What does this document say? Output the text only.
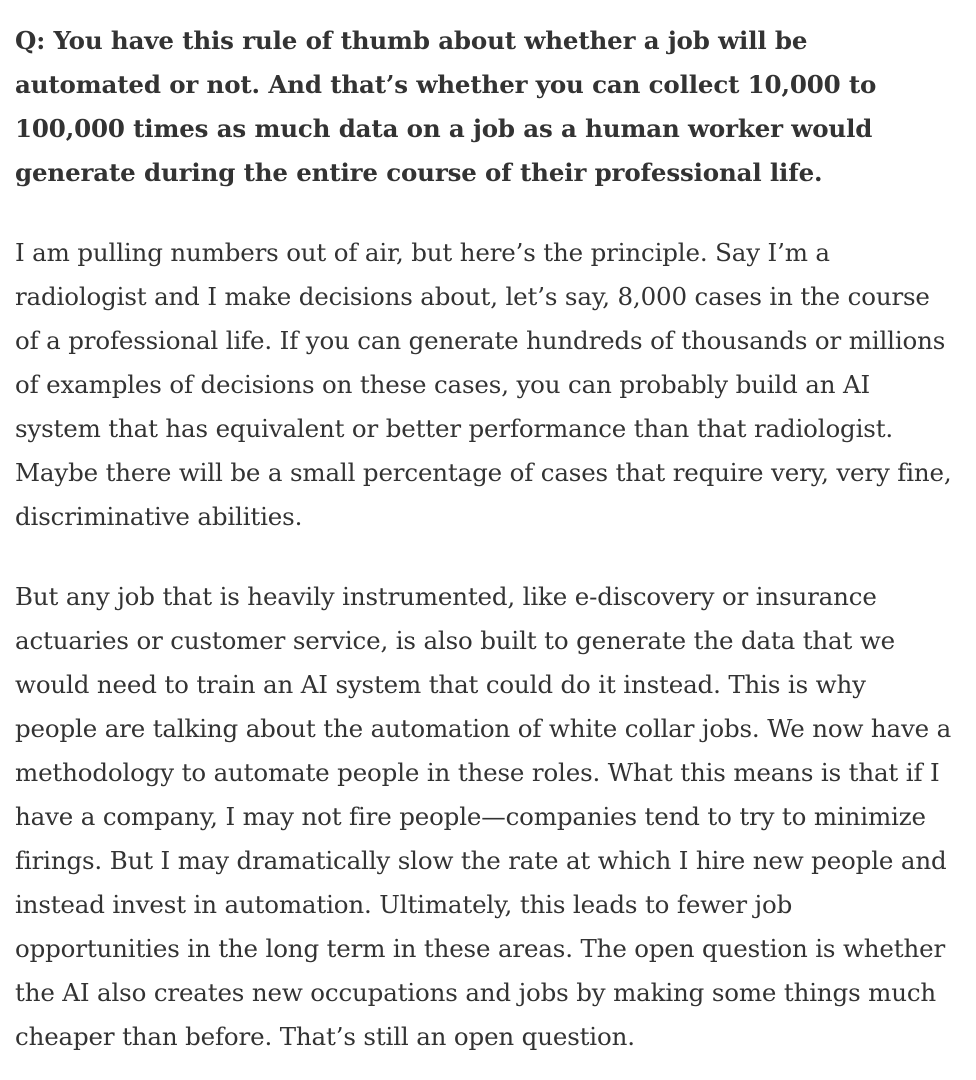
Q: You have this rule of thumb about whether a job will be automated or not. And that’s whether you can collect 10,000 to 100,000 times as much data on a job as a human worker would generate during the entire course of their professional life.

I am pulling numbers out of air, but here’s the principle. Say I’m a radiologist and I make decisions about, let’s say, 8,000 cases in the course of a professional life. If you can generate hundreds of thousands or millions of examples of decisions on these cases, you can probably build an AI system that has equivalent or better performance than that radiologist. Maybe there will be a small percentage of cases that require very, very fine, discriminative abilities.

But any job that is heavily instrumented, like e-discovery or insurance actuaries or customer service, is also built to generate the data that we would need to train an AI system that could do it instead. This is why people are talking about the automation of white collar jobs. We now have a methodology to automate people in these roles. What this means is that if I have a company, I may not fire people—companies tend to try to minimize firings. But I may dramatically slow the rate at which I hire new people and instead invest in automation. Ultimately, this leads to fewer job opportunities in the long term in these areas. The open question is whether the AI also creates new occupations and jobs by making some things much cheaper than before. That’s still an open question.
